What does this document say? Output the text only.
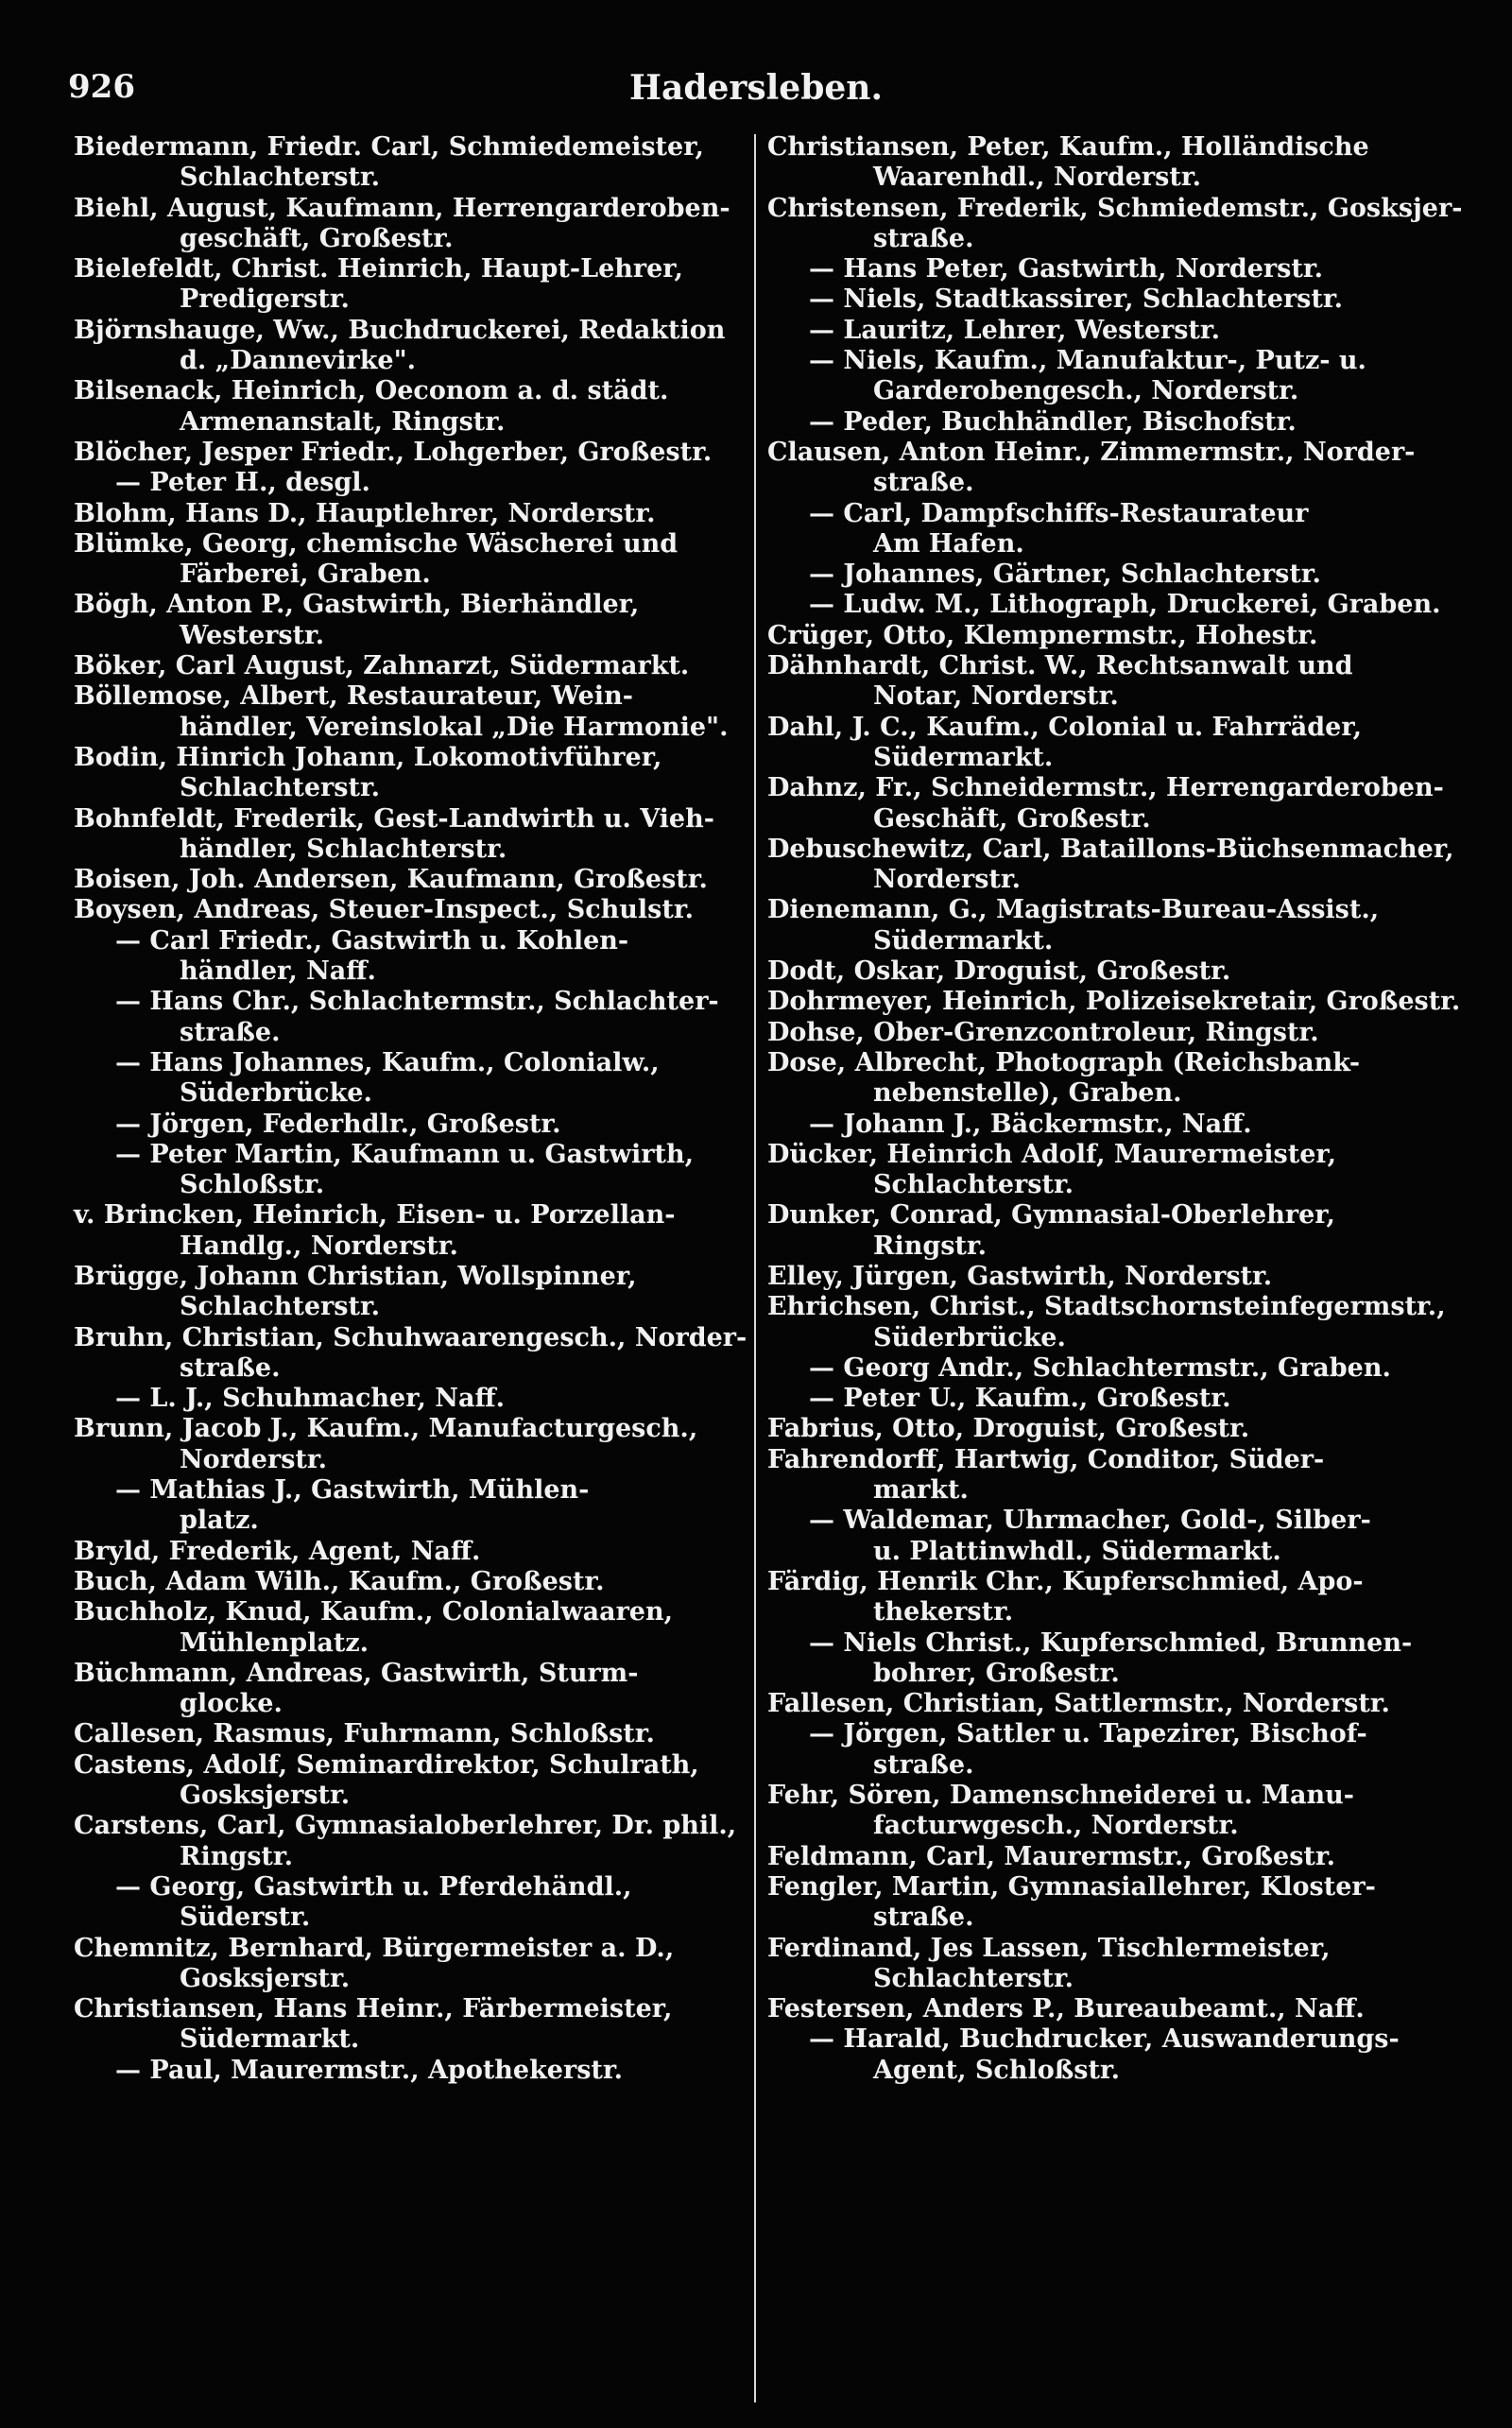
926	Hadersleben.

Biedermann, Friedr. Carl, Schmiedemeister,
Schlachterstr.

Biehl, August, Kaufmann, Herrengarderoben-
geschäft, Großestr.

Bielefeldt, Christ. Heinrich, Haupt-Lehrer,
Predigerstr.

Björnshauge, Ww., Buchdruckerei, Redaktion
d. „Dannevirke".

Bilsenack, Heinrich, Oeconom a. d. städt.
Armenanstalt, Ringstr.

Blöcher, Jesper Friedr., Lohgerber, Großestr.

— Peter H., desgl.

Blohm, Hans D., Hauptlehrer, Norderstr.

Blümke, Georg, chemische Wäscherei und
Färberei, Graben.

Bögh, Anton P., Gastwirth, Bierhändler,
Westerstr.

Böker, Carl August, Zahnarzt, Südermarkt.

Böllemose, Albert, Restaurateur, Wein-
händler, Vereinslokal „Die Harmonie".

Bodin, Hinrich Johann, Lokomotivführer,
Schlachterstr.

Bohnfeldt, Frederik, Gest-Landwirth u. Vieh-
händler, Schlachterstr.

Boisen, Joh. Andersen, Kaufmann, Großestr.

Boysen, Andreas, Steuer-Inspect., Schulstr.

— Carl Friedr., Gastwirth u. Kohlen-
händler, Naff.

— Hans Chr., Schlachtermstr., Schlachter-
straße.

— Hans Johannes, Kaufm., Colonialw.,
Süderbrücke.

— Jörgen, Federhdlr., Großestr.

— Peter Martin, Kaufmann u. Gastwirth,
Schloßstr.

v. Brincken, Heinrich, Eisen- u. Porzellan-
Handlg., Norderstr.

Brügge, Johann Christian, Wollspinner,
Schlachterstr.

Bruhn, Christian, Schuhwaarengesch., Norder-
straße.

— L. J., Schuhmacher, Naff.

Brunn, Jacob J., Kaufm., Manufacturgesch.,
Norderstr.

— Mathias J., Gastwirth, Mühlen-
platz.

Bryld, Frederik, Agent, Naff.

Buch, Adam Wilh., Kaufm., Großestr.

Buchholz, Knud, Kaufm., Colonialwaaren,
Mühlenplatz.

Büchmann, Andreas, Gastwirth, Sturm-
glocke.

Callesen, Rasmus, Fuhrmann, Schloßstr.

Castens, Adolf, Seminardirektor, Schulrath,
Gosksjerstr.

Carstens, Carl, Gymnasialoberlehrer, Dr. phil.,
Ringstr.

— Georg, Gastwirth u. Pferdehändl.,
Süderstr.

Chemnitz, Bernhard, Bürgermeister a. D.,
Gosksjerstr.

Christiansen, Hans Heinr., Färbermeister,
Südermarkt.

— Paul, Maurermstr., Apothekerstr.

Christiansen, Peter, Kaufm., Holländische
Waarenhdl., Norderstr.

Christensen, Frederik, Schmiedemstr., Gosksjer-
straße.

— Hans Peter, Gastwirth, Norderstr.

— Niels, Stadtkassirer, Schlachterstr.

— Lauritz, Lehrer, Westerstr.

— Niels, Kaufm., Manufaktur-, Putz- u.
Garderobengesch., Norderstr.

— Peder, Buchhändler, Bischofstr.

Clausen, Anton Heinr., Zimmermstr., Norder-
straße.

— Carl, Dampfschiffs-Restaurateur
Am Hafen.

— Johannes, Gärtner, Schlachterstr.

— Ludw. M., Lithograph, Druckerei, Graben.

Crüger, Otto, Klempnermstr., Hohestr.

Dähnhardt, Christ. W., Rechtsanwalt und
Notar, Norderstr.

Dahl, J. C., Kaufm., Colonial u. Fahrräder,
Südermarkt.

Dahnz, Fr., Schneidermstr., Herrengarderoben-
Geschäft, Großestr.

Debuschewitz, Carl, Bataillons-Büchsenmacher,
Norderstr.

Dienemann, G., Magistrats-Bureau-Assist.,
Südermarkt.

Dodt, Oskar, Droguist, Großestr.

Dohrmeyer, Heinrich, Polizeisekretair, Großestr.

Dohse, Ober-Grenzcontroleur, Ringstr.

Dose, Albrecht, Photograph (Reichsbank-
nebenstelle), Graben.

— Johann J., Bäckermstr., Naff.

Dücker, Heinrich Adolf, Maurermeister,
Schlachterstr.

Dunker, Conrad, Gymnasial-Oberlehrer,
Ringstr.

Elley, Jürgen, Gastwirth, Norderstr.

Ehrichsen, Christ., Stadtschornsteinfegermstr.,
Süderbrücke.

— Georg Andr., Schlachtermstr., Graben.

— Peter U., Kaufm., Großestr.

Fabrius, Otto, Droguist, Großestr.

Fahrendorff, Hartwig, Conditor, Süder-
markt.

— Waldemar, Uhrmacher, Gold-, Silber-
u. Plattinwhdl., Südermarkt.

Färdig, Henrik Chr., Kupferschmied, Apo-
thekerstr.

— Niels Christ., Kupferschmied, Brunnen-
bohrer, Großestr.

Fallesen, Christian, Sattlermstr., Norderstr.

— Jörgen, Sattler u. Tapezirer, Bischof-
straße.

Fehr, Sören, Damenschneiderei u. Manu-
facturwgesch., Norderstr.

Feldmann, Carl, Maurermstr., Großestr.

Fengler, Martin, Gymnasiallehrer, Kloster-
straße.

Ferdinand, Jes Lassen, Tischlermeister,
Schlachterstr.

Festersen, Anders P., Bureaubeamt., Naff.

— Harald, Buchdrucker, Auswanderungs-
Agent, Schloßstr.
